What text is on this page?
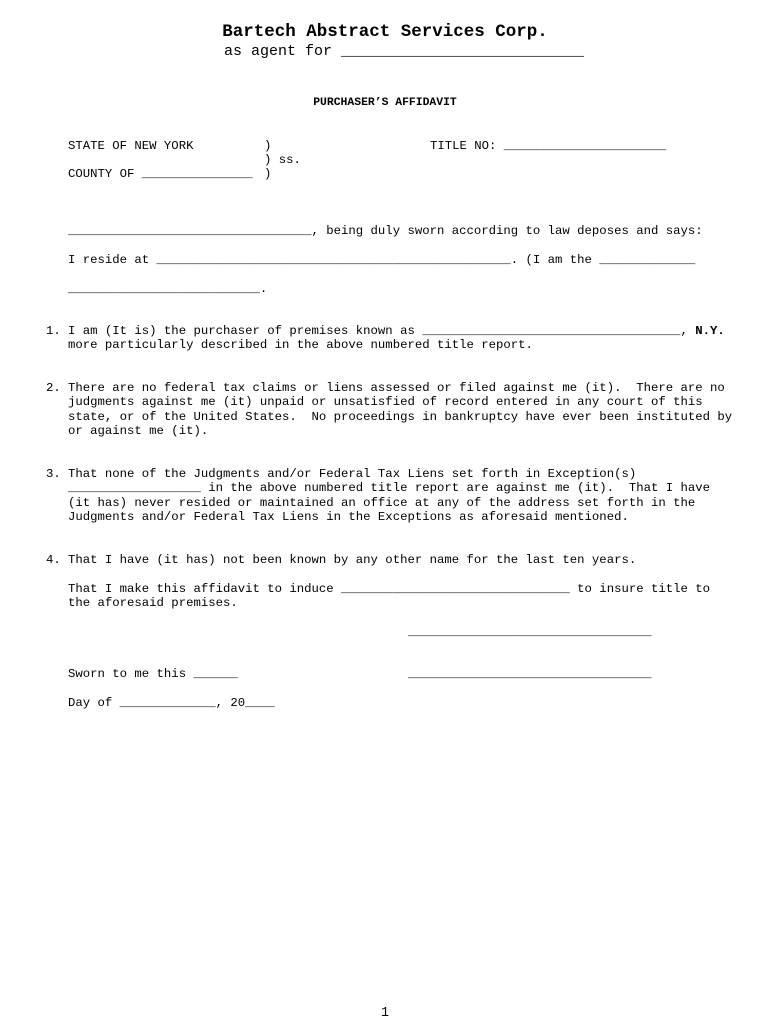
Bartech Abstract Services Corp.
as agent for ___________________________
PURCHASER’S AFFIDAVIT
STATE OF NEW YORK	)	TITLE NO: ______________________
) ss.
COUNTY OF _______________ )
_________________________________, being duly sworn according to law deposes and says:
I reside at ________________________________________________. (I am the _____________
__________________________.
1. I am (It is) the purchaser of premises known as ___________________________________, N.Y.
more particularly described in the above numbered title report.
2. There are no federal tax claims or liens assessed or filed against me (it).  There are no
judgments against me (it) unpaid or unsatisfied of record entered in any court of this
state, or of the United States.  No proceedings in bankruptcy have ever been instituted by
or against me (it).
3. That none of the Judgments and/or Federal Tax Liens set forth in Exception(s)
__________________ in the above numbered title report are against me (it).  That I have
(it has) never resided or maintained an office at any of the address set forth in the
Judgments and/or Federal Tax Liens in the Exceptions as aforesaid mentioned.
4. That I have (it has) not been known by any other name for the last ten years.
That I make this affidavit to induce _______________________________ to insure title to
the aforesaid premises.
_________________________________
_________________________________
Sworn to me this ______
Day of _____________, 20____
1
